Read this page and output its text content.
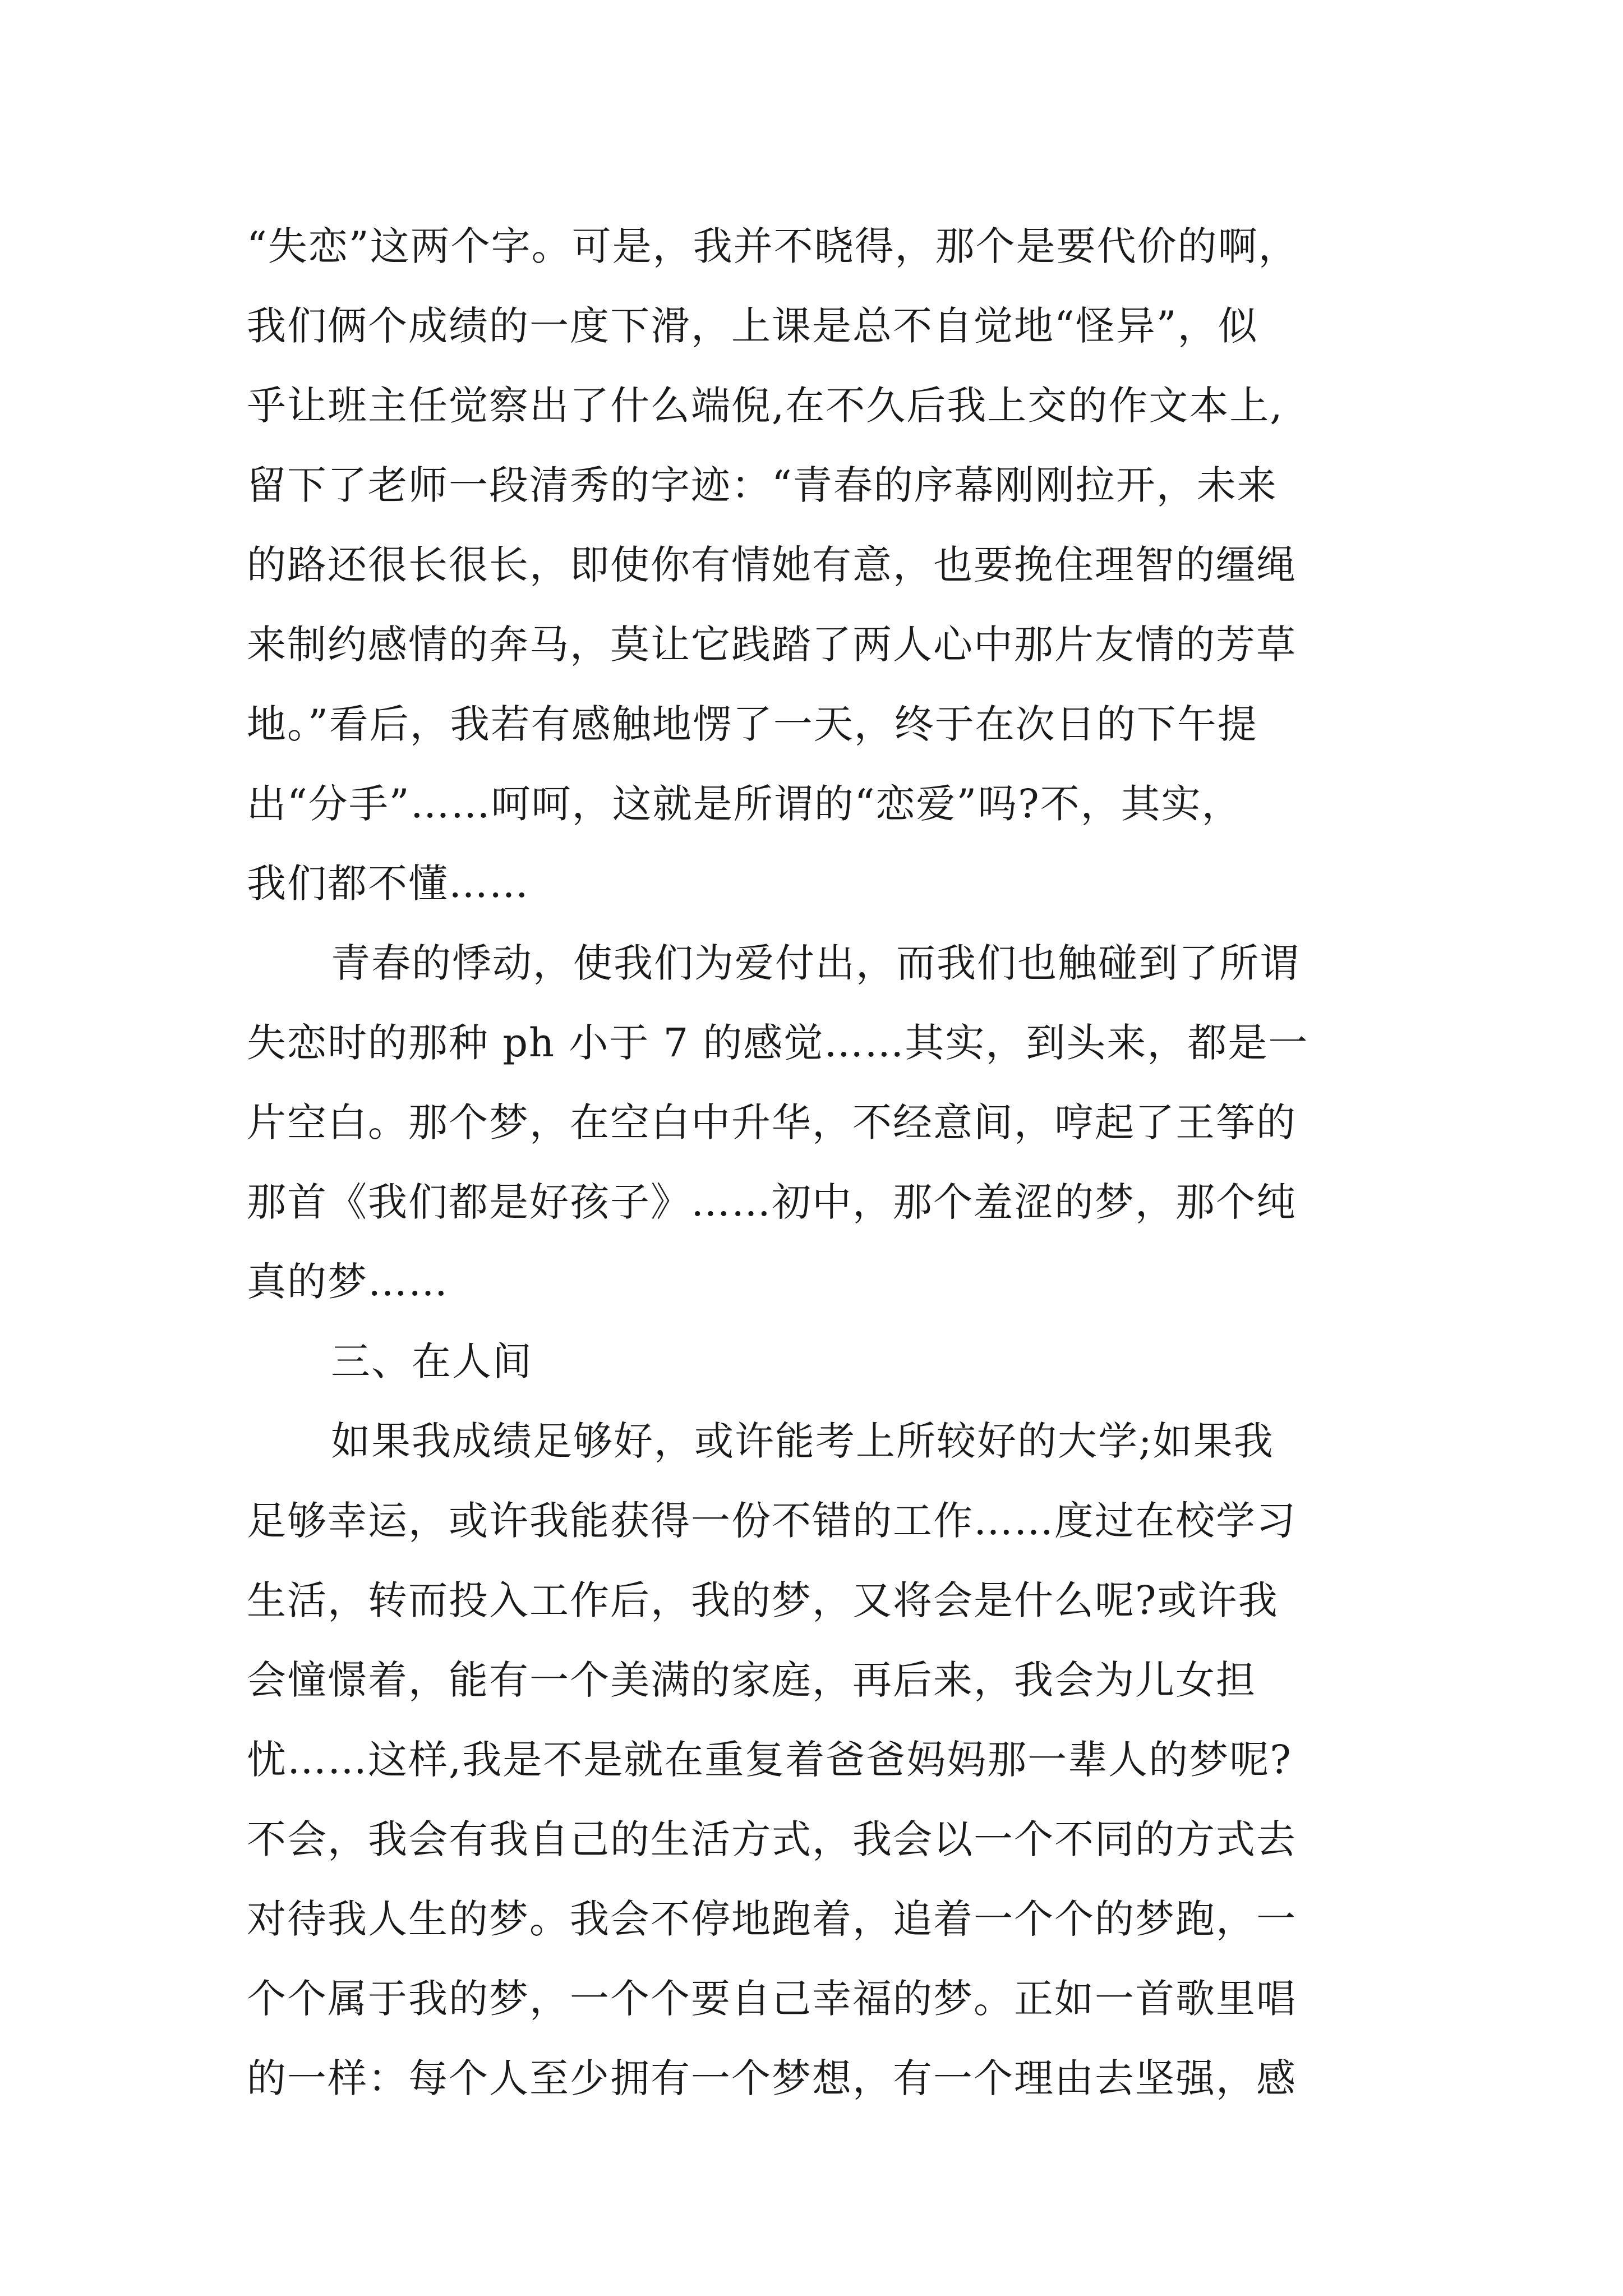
“失恋”这两个字。可是，我并不晓得，那个是要代价的啊，
我们俩个成绩的一度下滑，上课是总不自觉地“怪异”，似
乎让班主任觉察出了什么端倪,在不久后我上交的作文本上,
留下了老师一段清秀的字迹：“青春的序幕刚刚拉开，未来
的路还很长很长，即使你有情她有意，也要挽住理智的缰绳
来制约感情的奔马，莫让它践踏了两人心中那片友情的芳草
地。”看后，我若有感触地愣了一天，终于在次日的下午提
出“分手”……呵呵，这就是所谓的“恋爱”吗?不，其实，
我们都不懂……
青春的悸动，使我们为爱付出，而我们也触碰到了所谓
失恋时的那种 ph 小于 7 的感觉……其实，到头来，都是一
片空白。那个梦，在空白中升华，不经意间，哼起了王筝的
那首《我们都是好孩子》……初中，那个羞涩的梦，那个纯
真的梦……
三、在人间
如果我成绩足够好，或许能考上所较好的大学;如果我
足够幸运，或许我能获得一份不错的工作……度过在校学习
生活，转而投入工作后，我的梦，又将会是什么呢?或许我
会憧憬着，能有一个美满的家庭，再后来，我会为儿女担
忧……这样,我是不是就在重复着爸爸妈妈那一辈人的梦呢?
不会，我会有我自己的生活方式，我会以一个不同的方式去
对待我人生的梦。我会不停地跑着，追着一个个的梦跑，一
个个属于我的梦，一个个要自己幸福的梦。正如一首歌里唱
的一样：每个人至少拥有一个梦想，有一个理由去坚强，感
